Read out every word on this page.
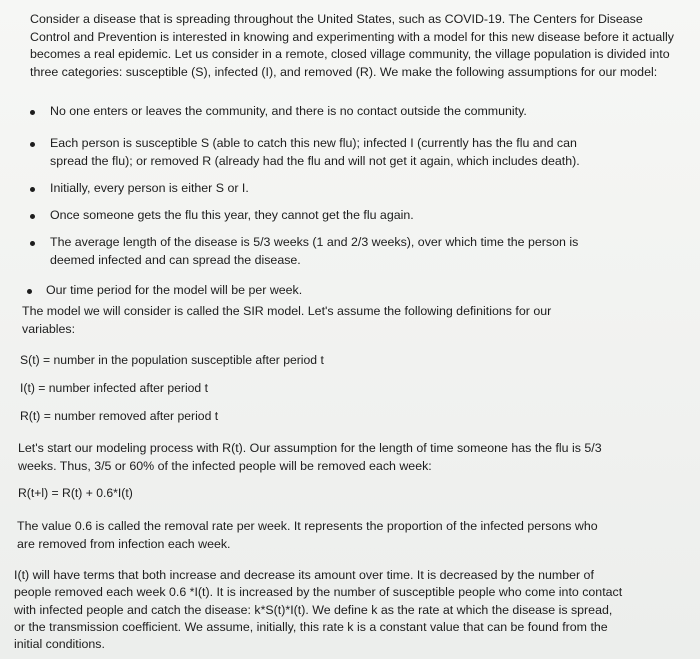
Consider a disease that is spreading throughout the United States, such as COVID-19. The Centers for Disease Control and Prevention is interested in knowing and experimenting with a model for this new disease before it actually becomes a real epidemic. Let us consider in a remote, closed village community, the village population is divided into three categories: susceptible (S), infected (I), and removed (R). We make the following assumptions for our model:

No one enters or leaves the community, and there is no contact outside the community.
Each person is susceptible S (able to catch this new flu); infected I (currently has the flu and can spread the flu); or removed R (already had the flu and will not get it again, which includes death).
Initially, every person is either S or I.
Once someone gets the flu this year, they cannot get the flu again.
The average length of the disease is 5/3 weeks (1 and 2/3 weeks), over which time the person is deemed infected and can spread the disease.
Our time period for the model will be per week.

The model we will consider is called the SIR model. Let's assume the following definitions for our variables:

S(t) = number in the population susceptible after period t

I(t) = number infected after period t

R(t) = number removed after period t

Let's start our modeling process with R(t). Our assumption for the length of time someone has the flu is 5/3 weeks. Thus, 3/5 or 60% of the infected people will be removed each week:

R(t+l) = R(t) + 0.6*I(t)

The value 0.6 is called the removal rate per week. It represents the proportion of the infected persons who are removed from infection each week.

I(t) will have terms that both increase and decrease its amount over time. It is decreased by the number of people removed each week 0.6 *I(t). It is increased by the number of susceptible people who come into contact with infected people and catch the disease: k*S(t)*I(t). We define k as the rate at which the disease is spread, or the transmission coefficient. We assume, initially, this rate k is a constant value that can be found from the initial conditions.
